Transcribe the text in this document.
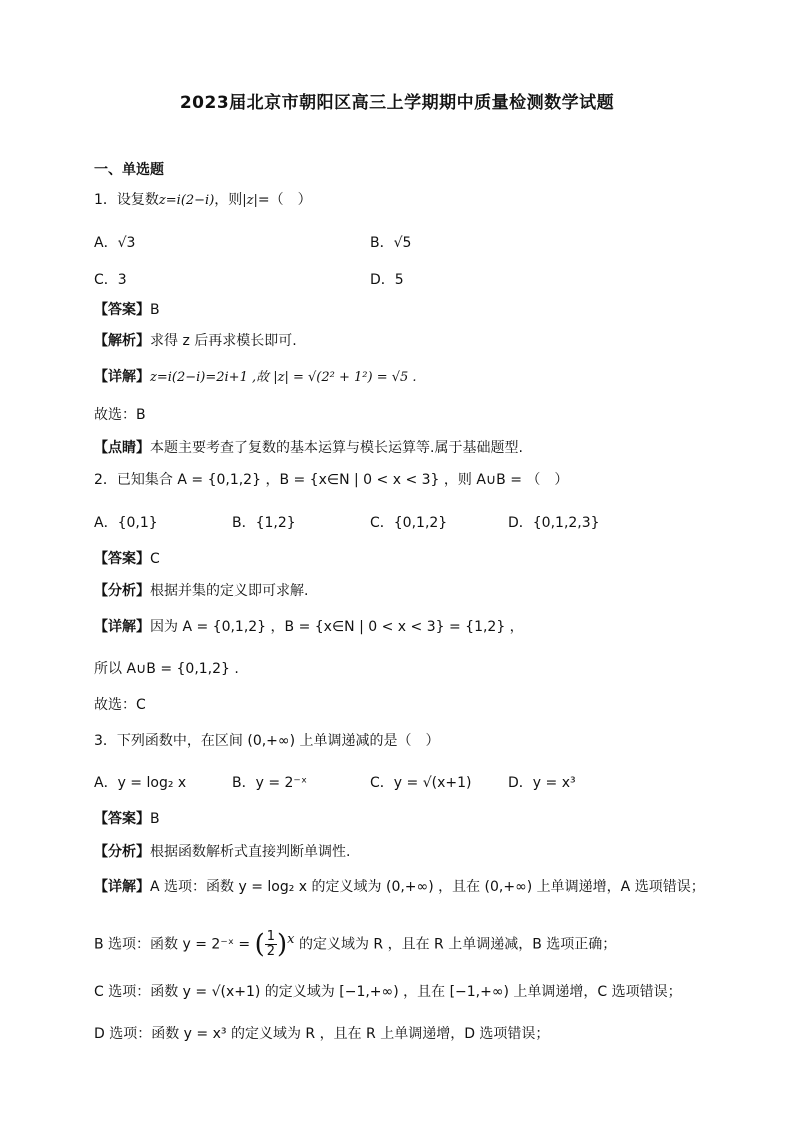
2023届北京市朝阳区高三上学期期中质量检测数学试题
一、单选题
1．设复数z=i(2−i)，则|z|=（　）
A．√3	B．√5
C．3	D．5
【答案】B
【解析】求得 z 后再求模长即可.
【详解】z=i(2−i)=2i+1 ,故 |z| = √(2² + 1²) = √5 .
故选：B
【点睛】本题主要考查了复数的基本运算与模长运算等.属于基础题型.
2．已知集合 A = {0,1,2} ，B = {x∈N | 0 < x < 3} ，则 A∪B = （　）
A．{0,1}	B．{1,2}	C．{0,1,2}	D．{0,1,2,3}
【答案】C
【分析】根据并集的定义即可求解.
【详解】因为 A = {0,1,2} ，B = {x∈N | 0 < x < 3} = {1,2} ，
所以 A∪B = {0,1,2} .
故选：C
3．下列函数中，在区间 (0,+∞) 上单调递减的是（　）
A．y = log₂ x	B．y = 2⁻ˣ	C．y = √(x+1)	D．y = x³
【答案】B
【分析】根据函数解析式直接判断单调性.
【详解】A 选项：函数 y = log₂ x 的定义域为 (0,+∞) ，且在 (0,+∞) 上单调递增，A 选项错误；
B 选项：函数 y = 2⁻ˣ = ( $\frac{1}{2} )^x$ 的定义域为 R ，且在 R 上单调递减，B 选项正确；
C 选项：函数 y = √(x+1) 的定义域为 [−1,+∞) ，且在 [−1,+∞) 上单调递增，C 选项错误；
D 选项：函数 y = x³ 的定义域为 R ，且在 R 上单调递增，D 选项错误；
